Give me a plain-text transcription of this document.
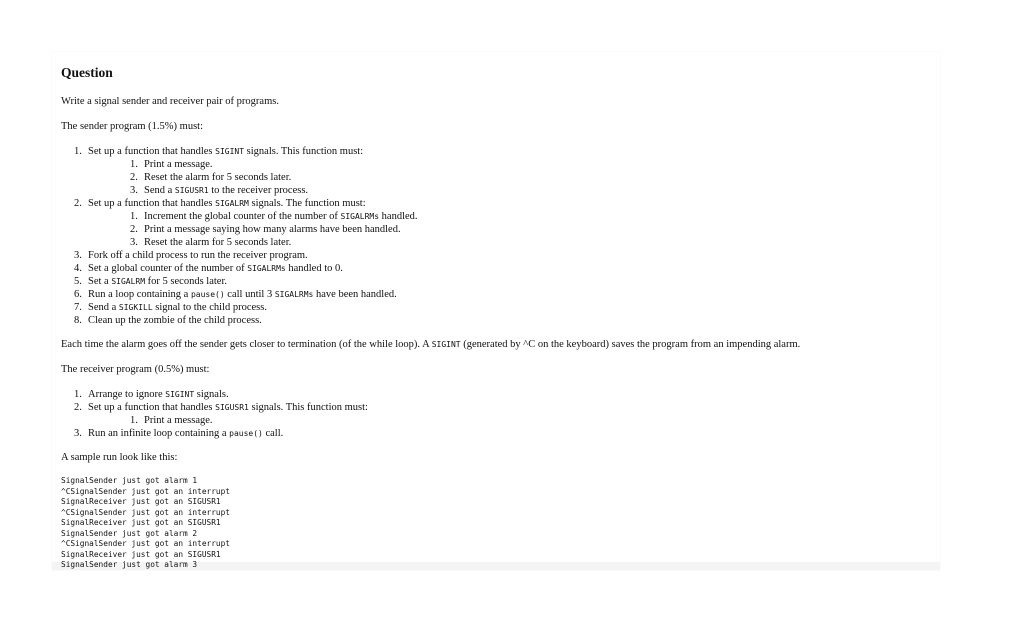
Question

Write a signal sender and receiver pair of programs.

The sender program (1.5%) must:

1. Set up a function that handles SIGINT signals. This function must:
1. Print a message.
2. Reset the alarm for 5 seconds later.
3. Send a SIGUSR1 to the receiver process.
2. Set up a function that handles SIGALRM signals. The function must:
1. Increment the global counter of the number of SIGALRMs handled.
2. Print a message saying how many alarms have been handled.
3. Reset the alarm for 5 seconds later.
3. Fork off a child process to run the receiver program.
4. Set a global counter of the number of SIGALRMs handled to 0.
5. Set a SIGALRM for 5 seconds later.
6. Run a loop containing a pause() call until 3 SIGALRMs have been handled.
7. Send a SIGKILL signal to the child process.
8. Clean up the zombie of the child process.

Each time the alarm goes off the sender gets closer to termination (of the while loop). A SIGINT (generated by ^C on the keyboard) saves the program from an impending alarm.

The receiver program (0.5%) must:

1. Arrange to ignore SIGINT signals.
2. Set up a function that handles SIGUSR1 signals. This function must:
1. Print a message.
3. Run an infinite loop containing a pause() call.

A sample run look like this:

SignalSender just got alarm 1
^CSignalSender just got an interrupt
SignalReceiver just got an SIGUSR1
^CSignalSender just got an interrupt
SignalReceiver just got an SIGUSR1
SignalSender just got alarm 2
^CSignalSender just got an interrupt
SignalReceiver just got an SIGUSR1
SignalSender just got alarm 3
